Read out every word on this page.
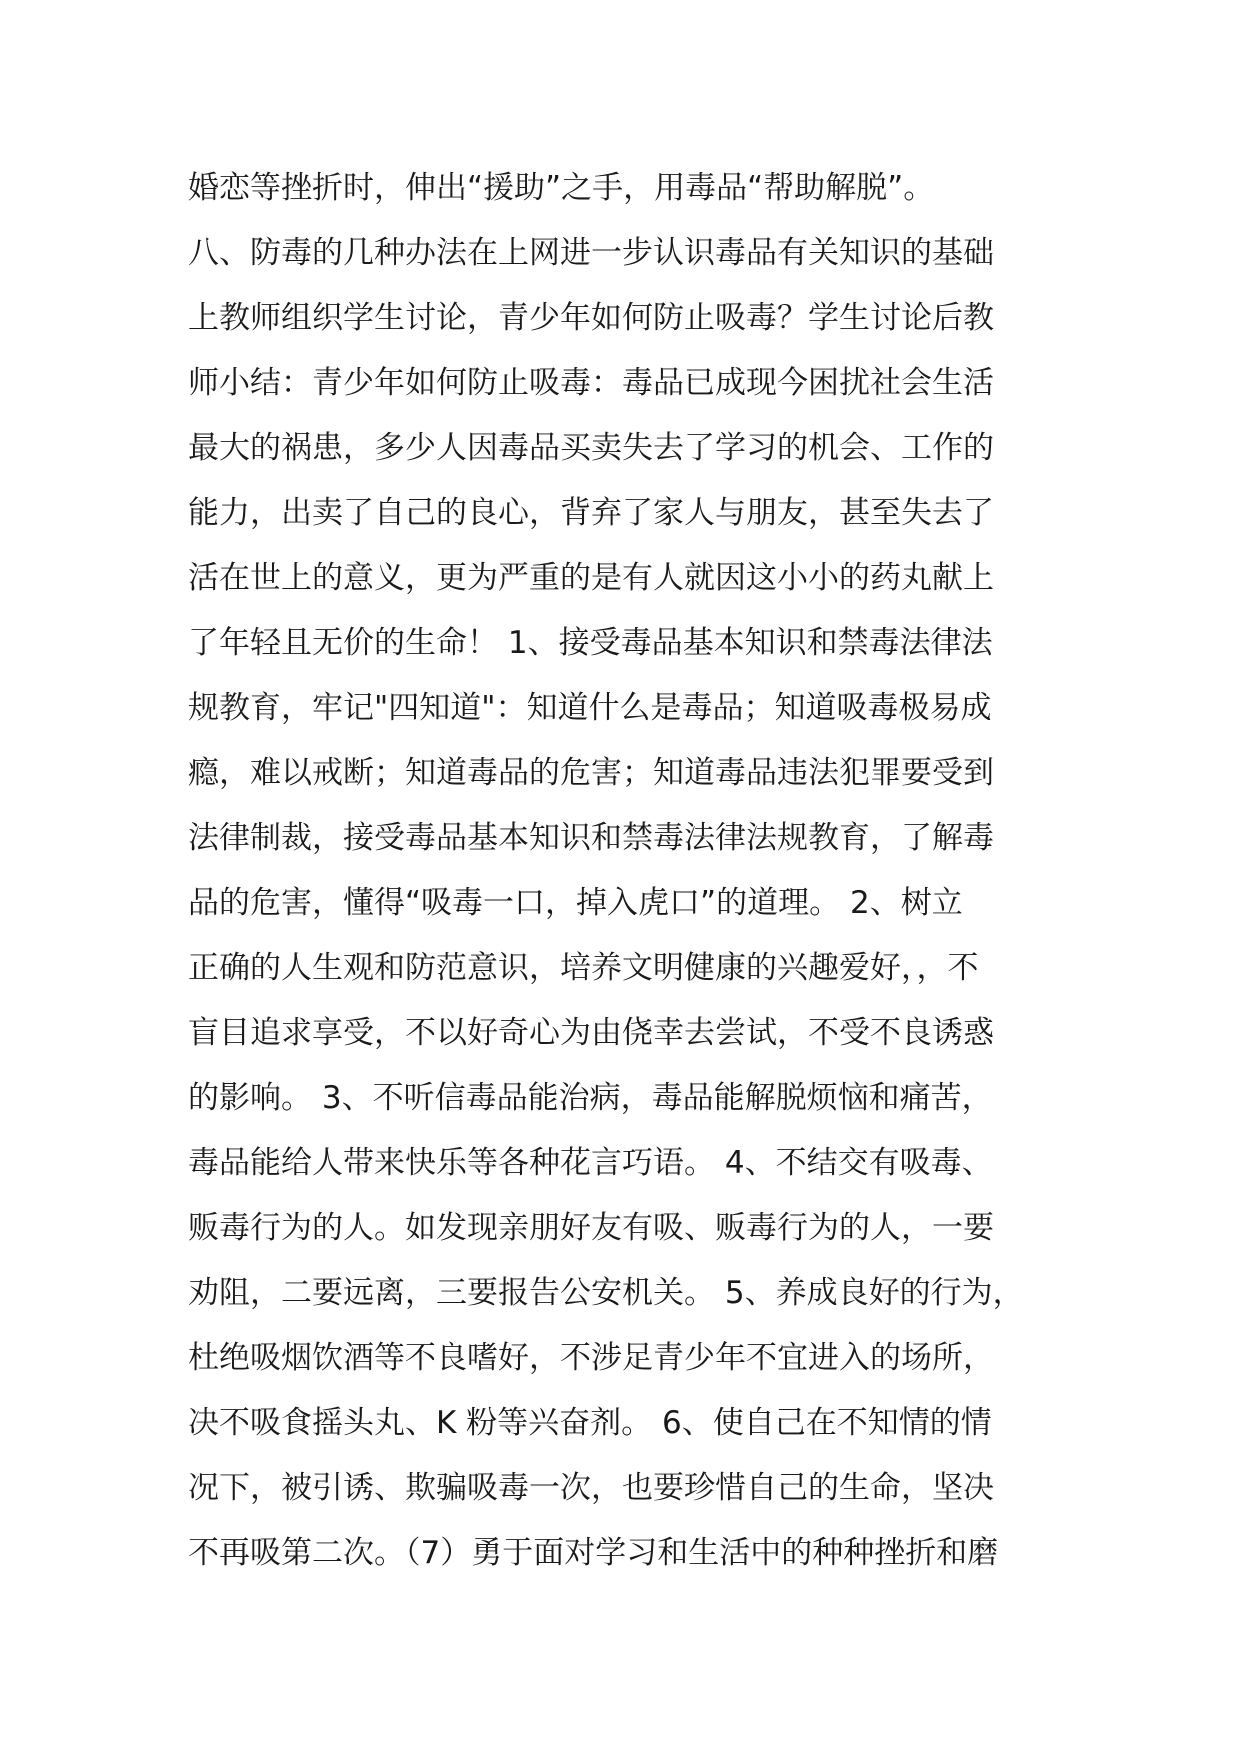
婚恋等挫折时，伸出“援助”之手，用毒品“帮助解脱”。
八、防毒的几种办法在上网进一步认识毒品有关知识的基础
上教师组织学生讨论，青少年如何防止吸毒？学生讨论后教
师小结：青少年如何防止吸毒：毒品已成现今困扰社会生活
最大的祸患，多少人因毒品买卖失去了学习的机会、工作的
能力，出卖了自己的良心，背弃了家人与朋友，甚至失去了
活在世上的意义，更为严重的是有人就因这小小的药丸献上
了年轻且无价的生命！ 1、接受毒品基本知识和禁毒法律法
规教育，牢记"四知道"：知道什么是毒品；知道吸毒极易成
瘾，难以戒断；知道毒品的危害；知道毒品违法犯罪要受到
法律制裁，接受毒品基本知识和禁毒法律法规教育，了解毒
品的危害，懂得“吸毒一口，掉入虎口”的道理。 2、树立
正确的人生观和防范意识，培养文明健康的兴趣爱好，，不
盲目追求享受，不以好奇心为由侥幸去尝试，不受不良诱惑
的影响。 3、不听信毒品能治病，毒品能解脱烦恼和痛苦，
毒品能给人带来快乐等各种花言巧语。 4、不结交有吸毒、
贩毒行为的人。如发现亲朋好友有吸、贩毒行为的人，一要
劝阻，二要远离，三要报告公安机关。 5、养成良好的行为，
杜绝吸烟饮酒等不良嗜好，不涉足青少年不宜进入的场所，
决不吸食摇头丸、K 粉等兴奋剂。 6、使自己在不知情的情
况下，被引诱、欺骗吸毒一次，也要珍惜自己的生命，坚决
不再吸第二次。（7）勇于面对学习和生活中的种种挫折和磨
